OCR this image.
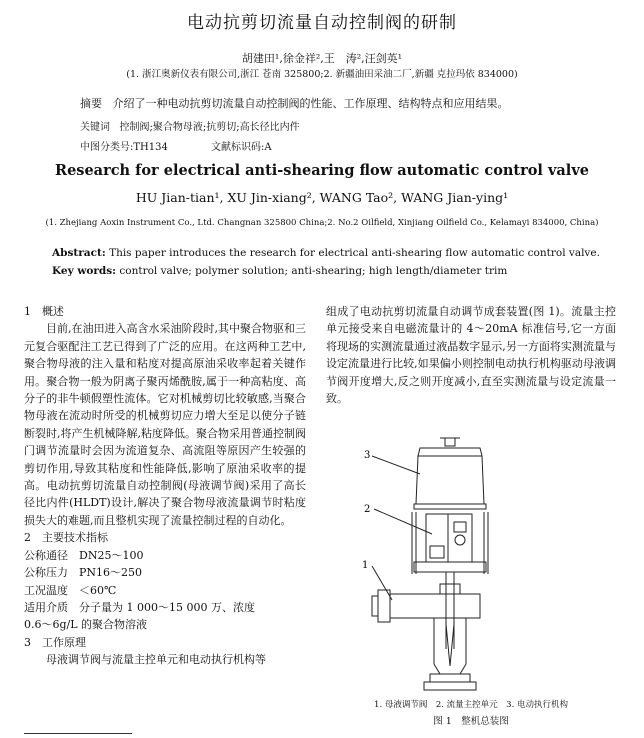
电动抗剪切流量自动控制阀的研制
胡建田¹,徐金祥²,王　涛²,汪剑英¹
(1. 浙江奥新仪表有限公司,浙江 苍南 325800;2. 新疆油田采油二厂,新疆 克拉玛依 834000)
摘要 介绍了一种电动抗剪切流量自动控制阀的性能、工作原理、结构特点和应用结果。
关键词 控制阀;聚合物母液;抗剪切;高长径比内件
中图分类号:TH134	文献标识码:A
Research for electrical anti-shearing flow automatic control valve
HU Jian-tian¹, XU Jin-xiang², WANG Tao², WANG Jian-ying¹
(1. Zhejiang Aoxin Instrument Co., Ltd. Changnan 325800 China;2. No.2 Oilfield, Xinjiang Oilfield Co., Kelamayi 834000, China)
Abstract: This paper introduces the research for electrical anti-shearing flow automatic control valve.
Key words: control valve; polymer solution; anti-shearing; high length/diameter trim

1　概述

目前,在油田进入高含水采油阶段时,其中聚合物驱和三元复合驱配注工艺已得到了广泛的应用。在这两种工艺中,聚合物母液的注入量和粘度对提高原油采收率起着关键作用。聚合物一般为阴离子聚丙烯酰胺,属于一种高粘度、高分子的非牛顿假塑性流体。它对机械剪切比较敏感,当聚合物母液在流动时所受的机械剪切应力增大至足以使分子链断裂时,将产生机械降解,粘度降低。聚合物采用普通控制阀门调节流量时会因为流道复杂、高流阻等原因产生较强的剪切作用,导致其粘度和性能降低,影响了原油采收率的提高。电动抗剪切流量自动控制阀(母液调节阀)采用了高长径比内件(HLDT)设计,解决了聚合物母液流量调节时粘度损失大的难题,而且整机实现了流量控制过程的自动化。

2　主要技术指标

公称通径　DN25～100

公称压力　PN16～250

工况温度　＜60℃

适用介质　分子量为 1 000～15 000 万、浓度

0.6～6g/L 的聚合物溶液

3　工作原理

母液调节阀与流量主控单元和电动执行机构等

组成了电动抗剪切流量自动调节成套装置(图 1)。流量主控单元接受来自电磁流量计的 4～20mA 标准信号,它一方面将现场的实测流量通过液晶数字显示,另一方面将实测流量与设定流量进行比较,如果偏小则控制电动执行机构驱动母液调节阀开度增大,反之则开度减小,直至实测流量与设定流量一致。

3
2
1
1. 母液调节阀　2. 流量主控单元　3. 电动执行机构
图 1　整机总装图
